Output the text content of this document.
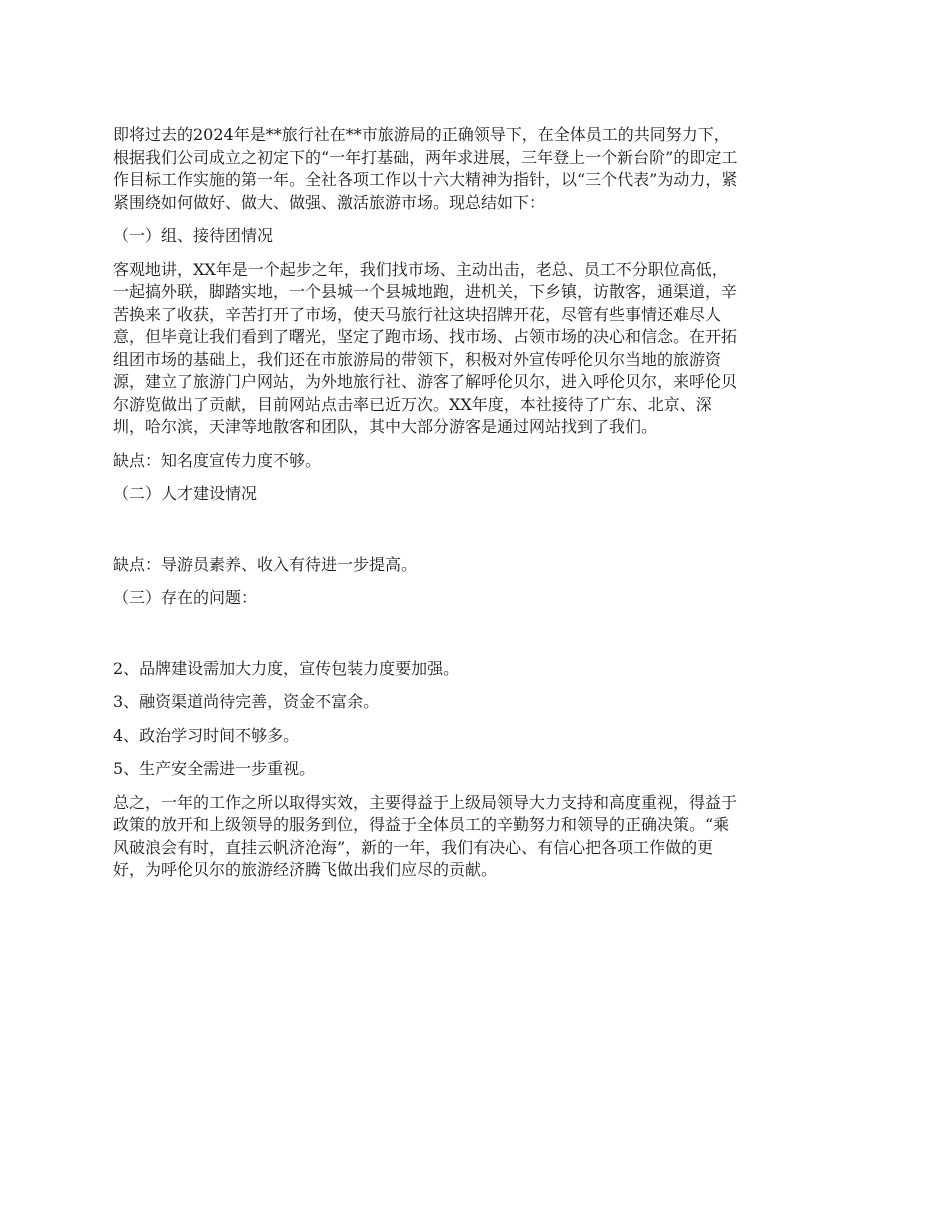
即将过去的2024年是**旅行社在**市旅游局的正确领导下，在全体员工的共同努力下，
根据我们公司成立之初定下的“一年打基础，两年求进展，三年登上一个新台阶”的即定工
作目标工作实施的第一年。全社各项工作以十六大精神为指针，以“三个代表”为动力，紧
紧围绕如何做好、做大、做强、激活旅游市场。现总结如下：

（一）组、接待团情况

客观地讲，XX年是一个起步之年，我们找市场、主动出击，老总、员工不分职位高低，
一起搞外联，脚踏实地，一个县城一个县城地跑，进机关，下乡镇，访散客，通渠道，辛
苦换来了收获，辛苦打开了市场，使天马旅行社这块招牌开花，尽管有些事情还难尽人
意，但毕竟让我们看到了曙光，坚定了跑市场、找市场、占领市场的决心和信念。在开拓
组团市场的基础上，我们还在市旅游局的带领下，积极对外宣传呼伦贝尔当地的旅游资
源，建立了旅游门户网站，为外地旅行社、游客了解呼伦贝尔，进入呼伦贝尔，来呼伦贝
尔游览做出了贡献，目前网站点击率已近万次。XX年度，本社接待了广东、北京、深
圳，哈尔滨，天津等地散客和团队，其中大部分游客是通过网站找到了我们。

缺点：知名度宣传力度不够。

（二）人才建设情况

缺点：导游员素养、收入有待进一步提高。

（三）存在的问题：

2、品牌建设需加大力度，宣传包装力度要加强。

3、融资渠道尚待完善，资金不富余。

4、政治学习时间不够多。

5、生产安全需进一步重视。

总之，一年的工作之所以取得实效，主要得益于上级局领导大力支持和高度重视，得益于
政策的放开和上级领导的服务到位，得益于全体员工的辛勤努力和领导的正确决策。“乘
风破浪会有时，直挂云帆济沧海”，新的一年，我们有决心、有信心把各项工作做的更
好，为呼伦贝尔的旅游经济腾飞做出我们应尽的贡献。
